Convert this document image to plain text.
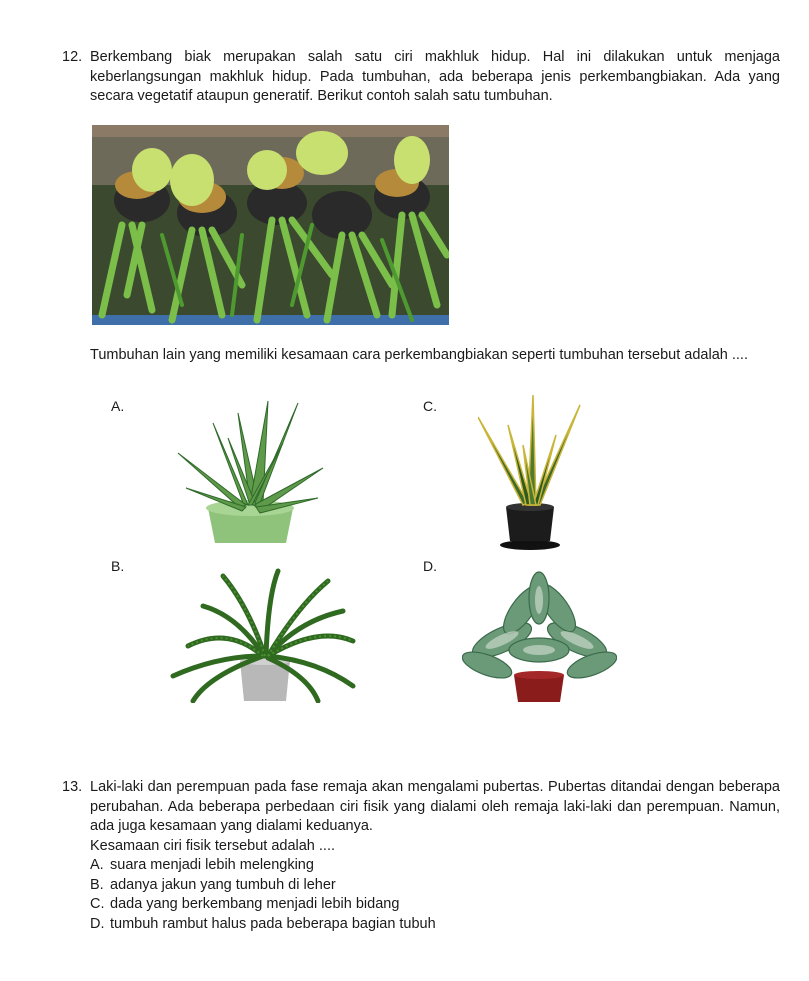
12. Berkembang biak merupakan salah satu ciri makhluk hidup. Hal ini dilakukan untuk menjaga keberlangsungan makhluk hidup. Pada tumbuhan, ada beberapa jenis perkembangbiakan. Ada yang secara vegetatif ataupun generatif. Berikut contoh salah satu tumbuhan.

Tumbuhan lain yang memiliki kesamaan cara perkembangbiakan seperti tumbuhan tersebut adalah ....

A.	C.
B.	D.
13. Laki-laki dan perempuan pada fase remaja akan mengalami pubertas. Pubertas ditandai dengan beberapa perubahan. Ada beberapa perbedaan ciri fisik yang dialami oleh remaja laki-laki dan perempuan. Namun, ada juga kesamaan yang dialami keduanya.

Kesamaan ciri fisik tersebut adalah ....

A. suara menjadi lebih melengking
B. adanya jakun yang tumbuh di leher
C. dada yang berkembang menjadi lebih bidang
D. tumbuh rambut halus pada beberapa bagian tubuh
